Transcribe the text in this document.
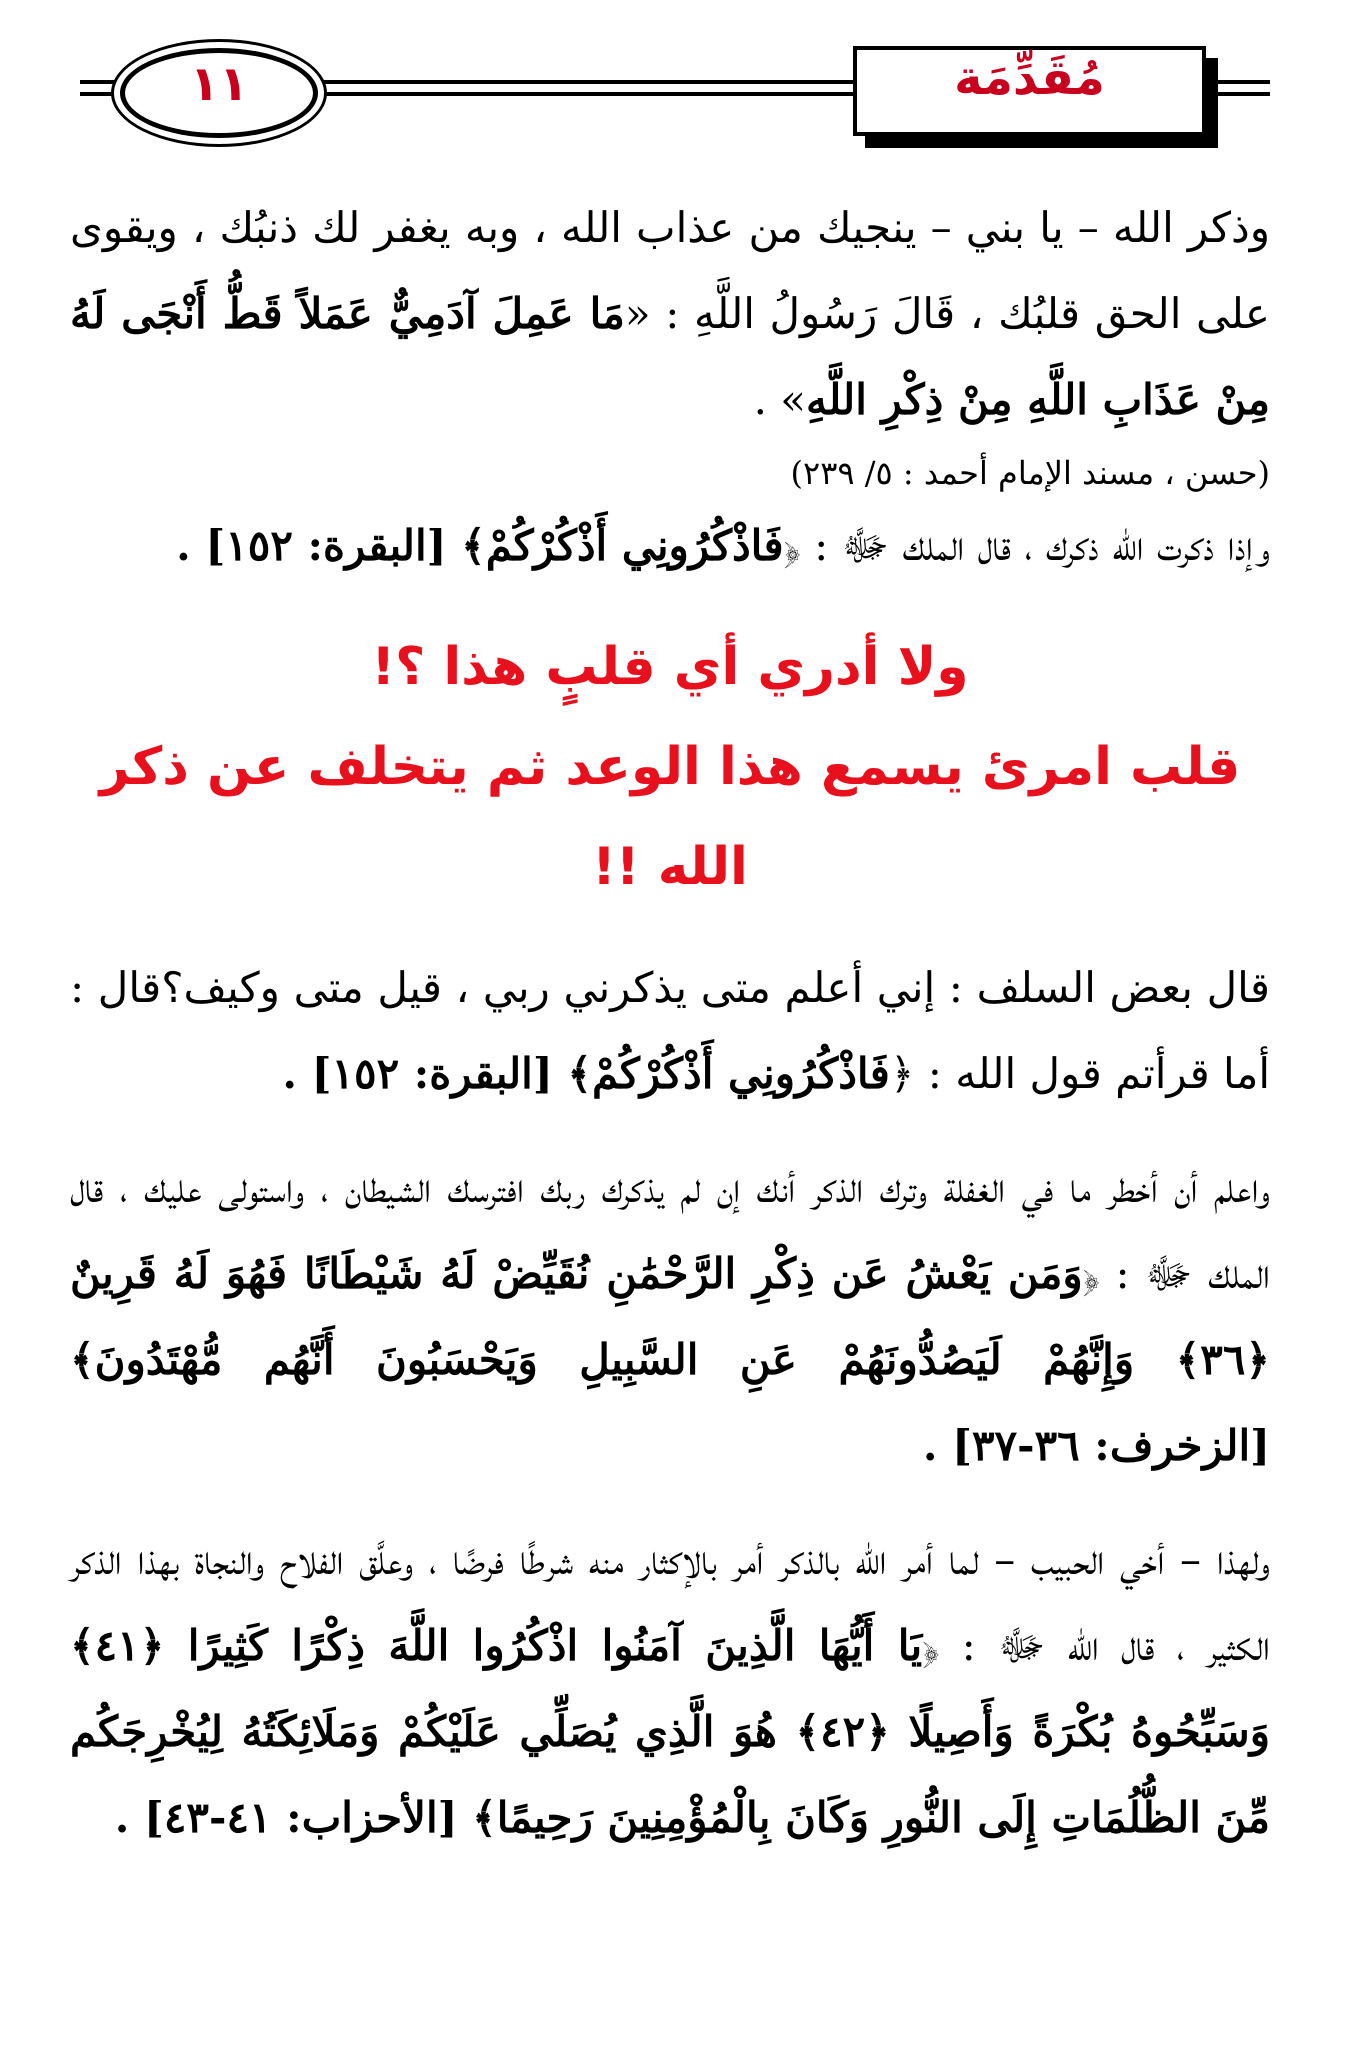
١١	مُقَدِّمَة

وذكر الله – يا بني – ينجيك من عذاب الله ، وبه يغفر لك ذنبُك ، ويقوى على الحق قلبُك ، قَالَ رَسُولُ اللَّهِ : «مَا عَمِلَ آدَمِيٌّ عَمَلاً قَطُّ أَنْجَى لَهُ مِنْ عَذَابِ اللَّهِ مِنْ ذِكْرِ اللَّهِ» .

(حسن ، مسند الإمام أحمد : ٥/ ٢٣٩)

وإذا ذكرت الله ذكرك ، قال الملك ﷻ : ﴿فَاذْكُرُونِي أَذْكُرْكُمْ﴾ [البقرة: ١٥٢] .

ولا أدري أي قلبٍ هذا ؟!

قلب امرئ يسمع هذا الوعد ثم يتخلف عن ذكر الله !!

قال بعض السلف : إني أعلم متى يذكرني ربي ، قيل متى وكيف؟قال : أما قرأتم قول الله : ﴿فَاذْكُرُونِي أَذْكُرْكُمْ﴾ [البقرة: ١٥٢] .

واعلم أن أخطر ما في الغفلة وترك الذكر أنك إن لم يذكرك ربك افترسك الشيطان ، واستولى عليك ، قال الملك ﷻ : ﴿وَمَن يَعْشُ عَن ذِكْرِ الرَّحْمَٰنِ نُقَيِّضْ لَهُ شَيْطَانًا فَهُوَ لَهُ قَرِينٌ ﴿٣٦﴾ وَإِنَّهُمْ لَيَصُدُّونَهُمْ عَنِ السَّبِيلِ وَيَحْسَبُونَ أَنَّهُم مُّهْتَدُونَ﴾ [الزخرف: ٣٦-٣٧] .

ولهذا – أخي الحبيب – لما أمر الله بالذكر أمر بالإكثار منه شرطًا فرضًا ، وعلَّق الفلاح والنجاة بهذا الذكر الكثير ، قال الله ﷻ : ﴿يَا أَيُّهَا الَّذِينَ آمَنُوا اذْكُرُوا اللَّهَ ذِكْرًا كَثِيرًا ﴿٤١﴾ وَسَبِّحُوهُ بُكْرَةً وَأَصِيلًا ﴿٤٢﴾ هُوَ الَّذِي يُصَلِّي عَلَيْكُمْ وَمَلَائِكَتُهُ لِيُخْرِجَكُم مِّنَ الظُّلُمَاتِ إِلَى النُّورِ وَكَانَ بِالْمُؤْمِنِينَ رَحِيمًا﴾ [الأحزاب: ٤١-٤٣] .
